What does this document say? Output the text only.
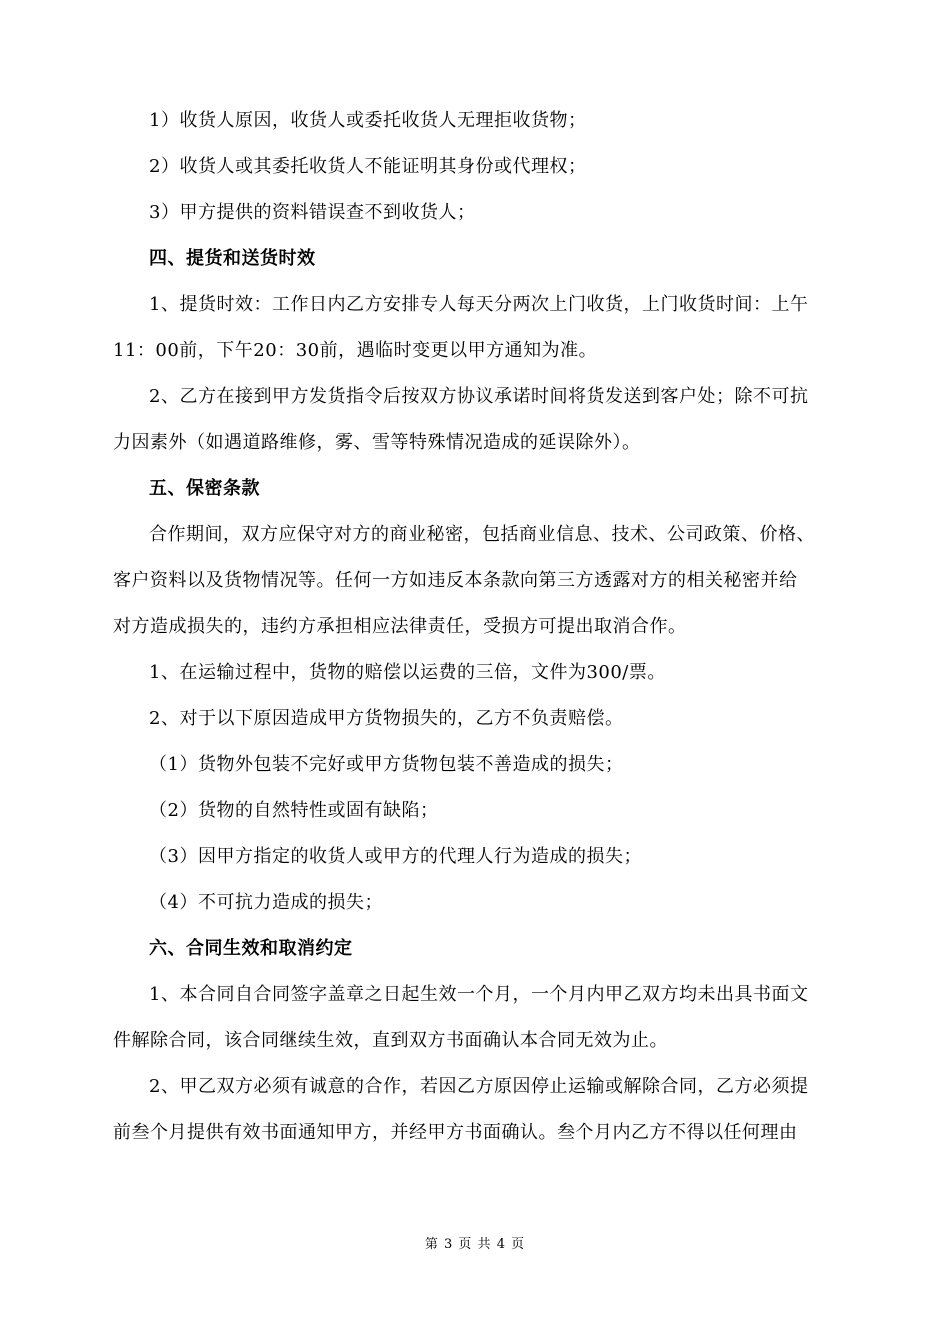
1）收货人原因，收货人或委托收货人无理拒收货物；
2）收货人或其委托收货人不能证明其身份或代理权；
3）甲方提供的资料错误查不到收货人；
四、提货和送货时效
1、提货时效：工作日内乙方安排专人每天分两次上门收货，上门收货时间：上午
11：00前，下午20：30前，遇临时变更以甲方通知为准。
2、乙方在接到甲方发货指令后按双方协议承诺时间将货发送到客户处；除不可抗
力因素外（如遇道路维修，雾、雪等特殊情况造成的延误除外）。
五、保密条款
合作期间，双方应保守对方的商业秘密，包括商业信息、技术、公司政策、价格、
客户资料以及货物情况等。任何一方如违反本条款向第三方透露对方的相关秘密并给
对方造成损失的，违约方承担相应法律责任，受损方可提出取消合作。
1、在运输过程中，货物的赔偿以运费的三倍，文件为300/票。
2、对于以下原因造成甲方货物损失的，乙方不负责赔偿。
（1）货物外包装不完好或甲方货物包装不善造成的损失；
（2）货物的自然特性或固有缺陷；
（3）因甲方指定的收货人或甲方的代理人行为造成的损失；
（4）不可抗力造成的损失；
六、合同生效和取消约定
1、本合同自合同签字盖章之日起生效一个月，一个月内甲乙双方均未出具书面文
件解除合同，该合同继续生效，直到双方书面确认本合同无效为止。
2、甲乙双方必须有诚意的合作，若因乙方原因停止运输或解除合同，乙方必须提
前叁个月提供有效书面通知甲方，并经甲方书面确认。叁个月内乙方不得以任何理由
第 3 页 共 4 页
